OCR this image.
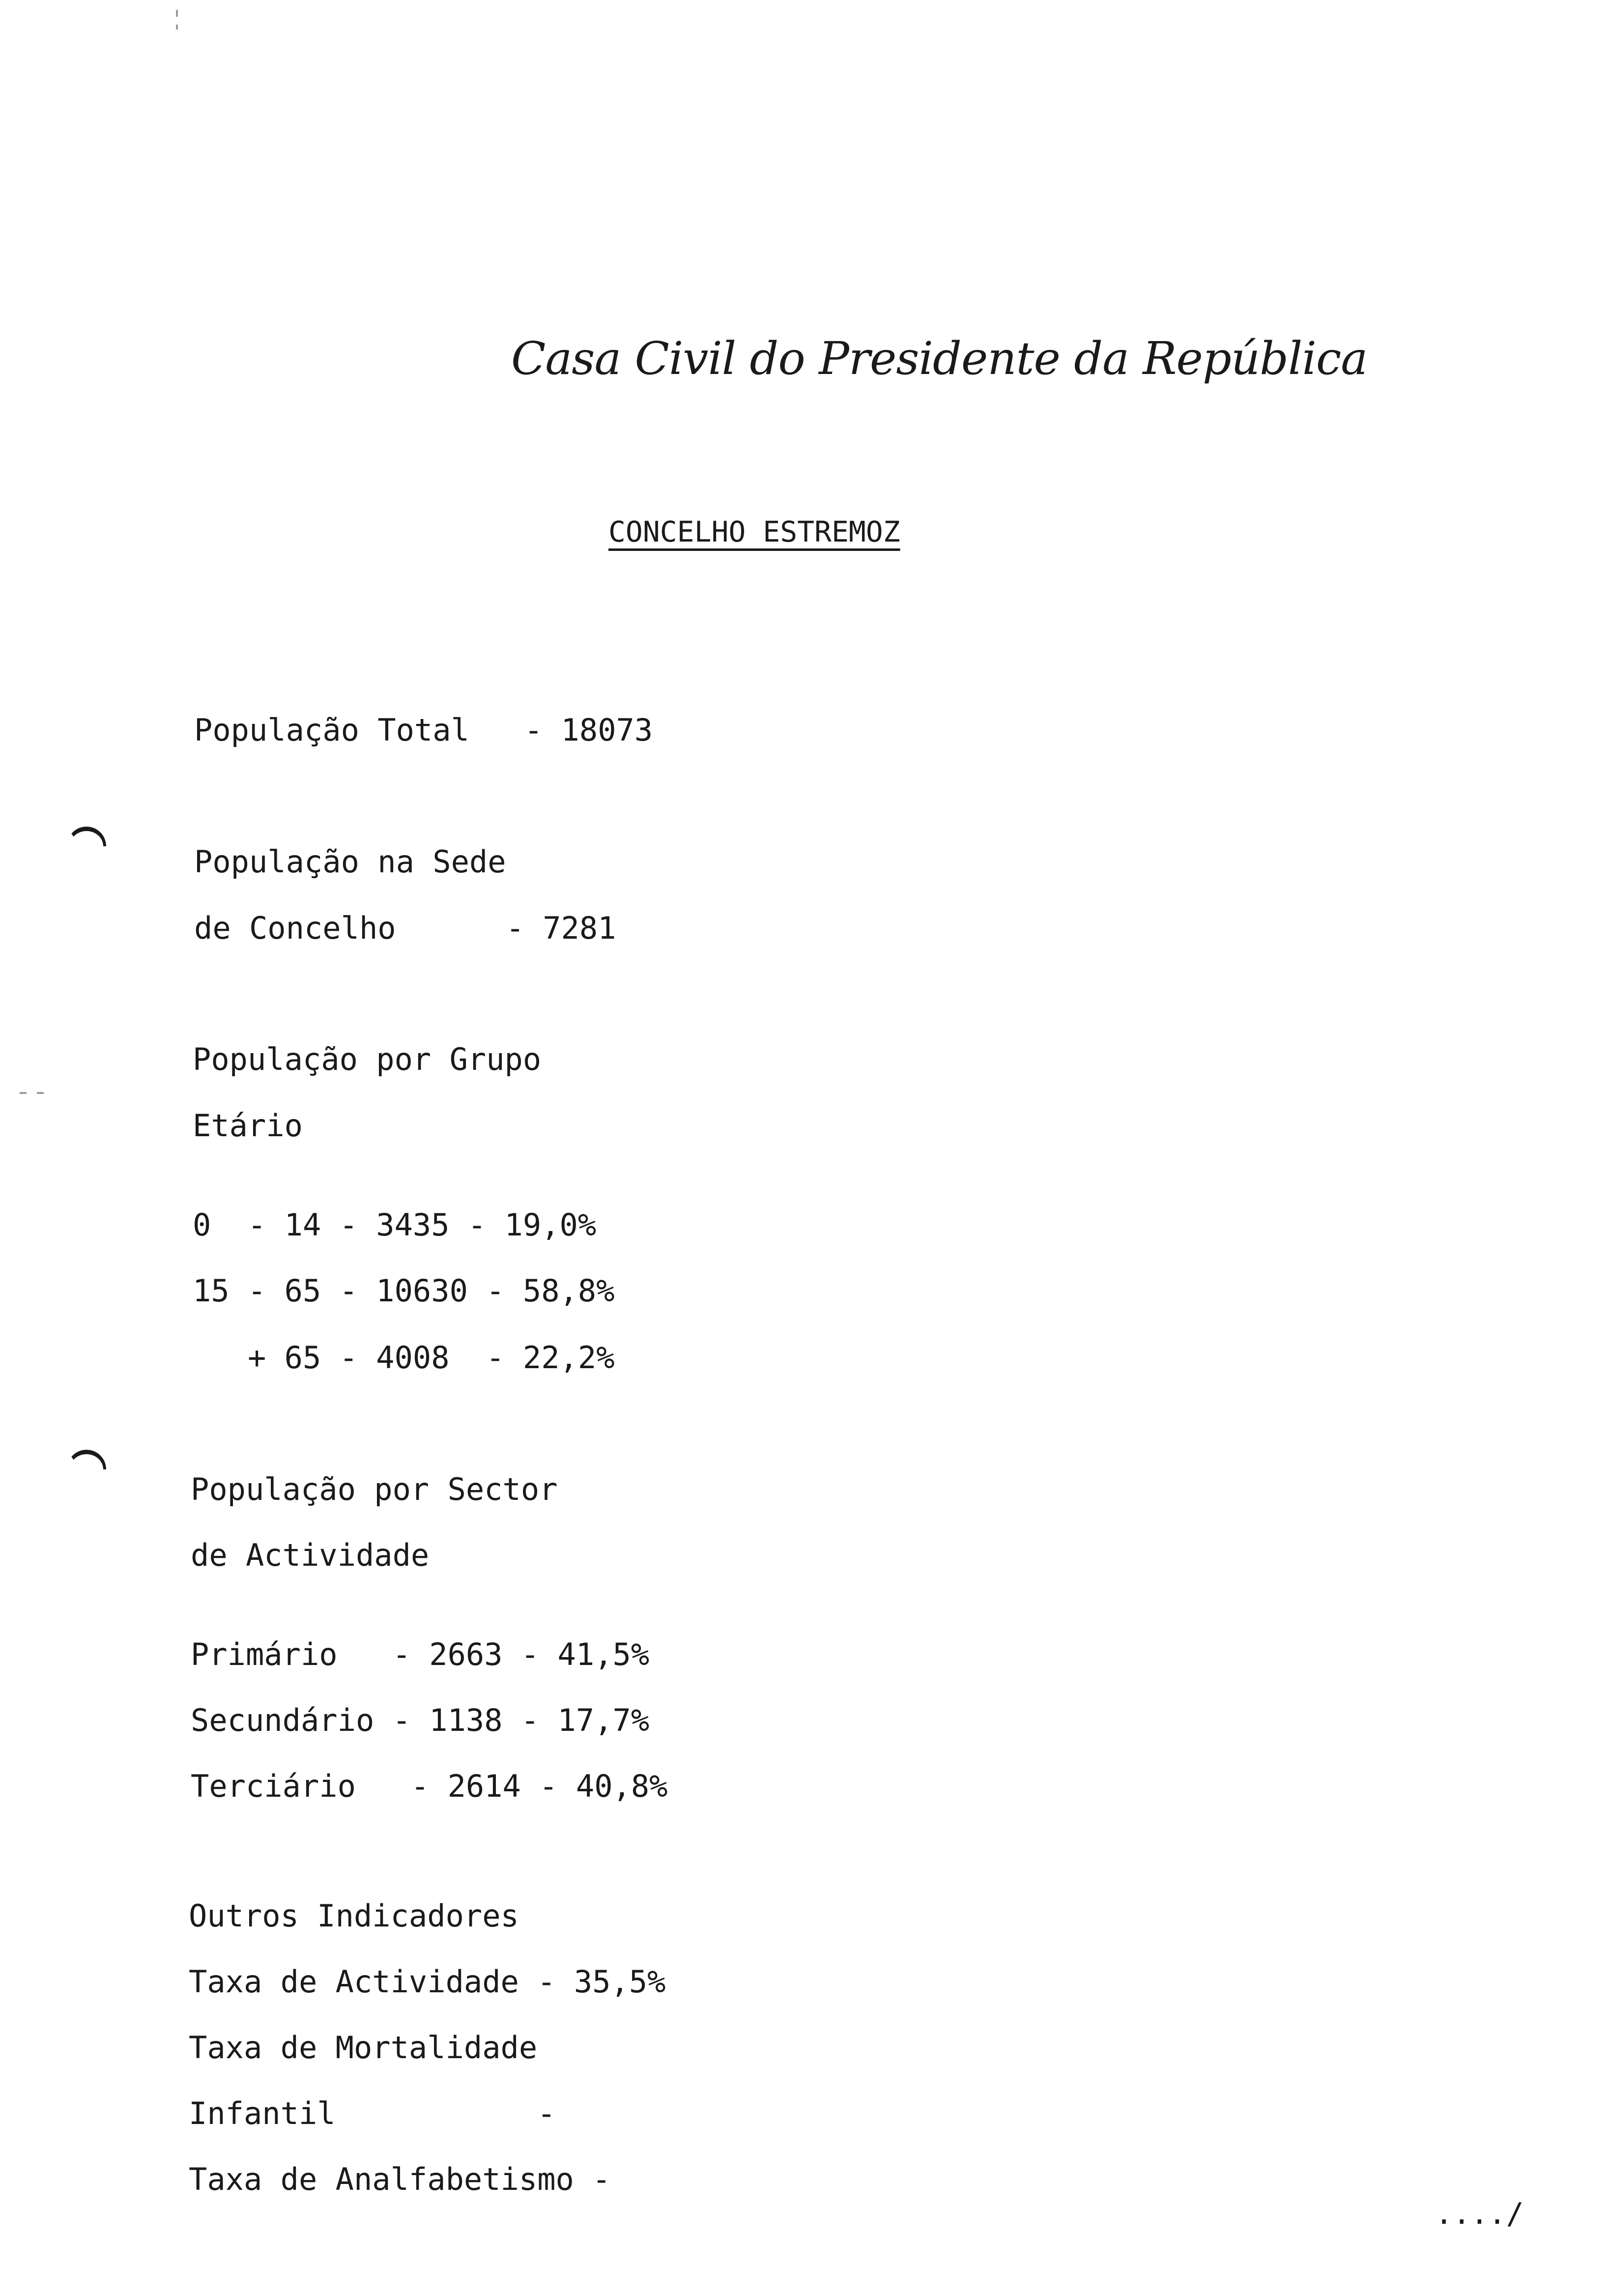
Casa Civil do Presidente da República
CONCELHO ESTREMOZ
População Total   - 18073
População na Sede
de Concelho      - 7281
População por Grupo
Etário
0  - 14 - 3435 - 19,0%
15 - 65 - 10630 - 58,8%
+ 65 - 4008  - 22,2%
População por Sector
de Actividade
Primário   - 2663 - 41,5%
Secundário - 1138 - 17,7%
Terciário   - 2614 - 40,8%
Outros Indicadores
Taxa de Actividade - 35,5%
Taxa de Mortalidade
Infantil           -
Taxa de Analfabetismo -
..../
